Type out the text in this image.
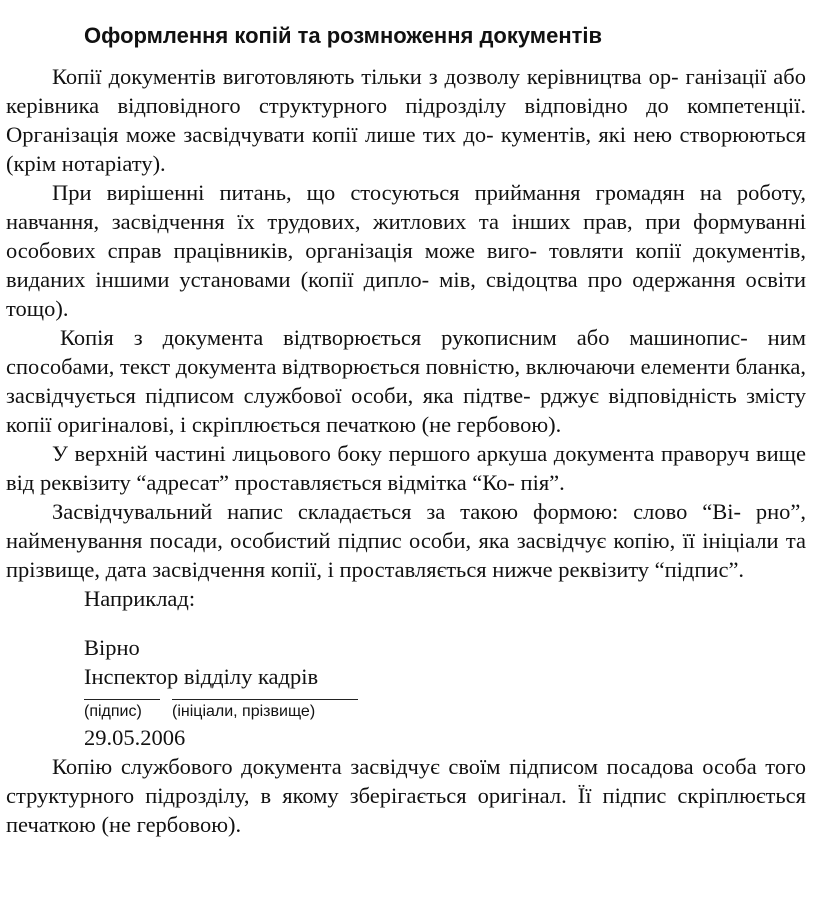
Оформлення копій та розмноження документів

Копії документів виготовляють тільки з дозволу керівництва ор- ганізації або керівника відповідного структурного підрозділу відповідно до компетенції. Організація може засвідчувати копії лише тих до- кументів, які нею створюються (крім нотаріату).

При вирішенні питань, що стосуються приймання громадян на роботу, навчання, засвідчення їх трудових, житлових та інших прав, при формуванні особових справ працівників, організація може виго- товляти копії документів, виданих іншими установами (копії дипло- мів, свідоцтва про одержання освіти тощо).

Копія з документа відтворюється рукописним або машинопис- ним способами, текст документа відтворюється повністю, включаючи елементи бланка, засвідчується підписом службової особи, яка підтве- рджує відповідність змісту копії оригіналові, і скріплюється печаткою (не гербовою).

У верхній частині лицьового боку першого аркуша документа праворуч вище від реквізиту “адресат” проставляється відмітка “Ко- пія”.

Засвідчувальний напис складається за такою формою: слово “Ві- рно”, найменування посади, особистий підпис особи, яка засвідчує копію, її ініціали та прізвище, дата засвідчення копії, і проставляється нижче реквізиту “підпис”.

Наприклад:

Вірно

Інспектор відділу кадрів

(підпис) (ініціали, прізвище)

29.05.2006

Копію службового документа засвідчує своїм підписом посадова особа того структурного підрозділу, в якому зберігається оригінал. Її підпис скріплюється печаткою (не гербовою).
